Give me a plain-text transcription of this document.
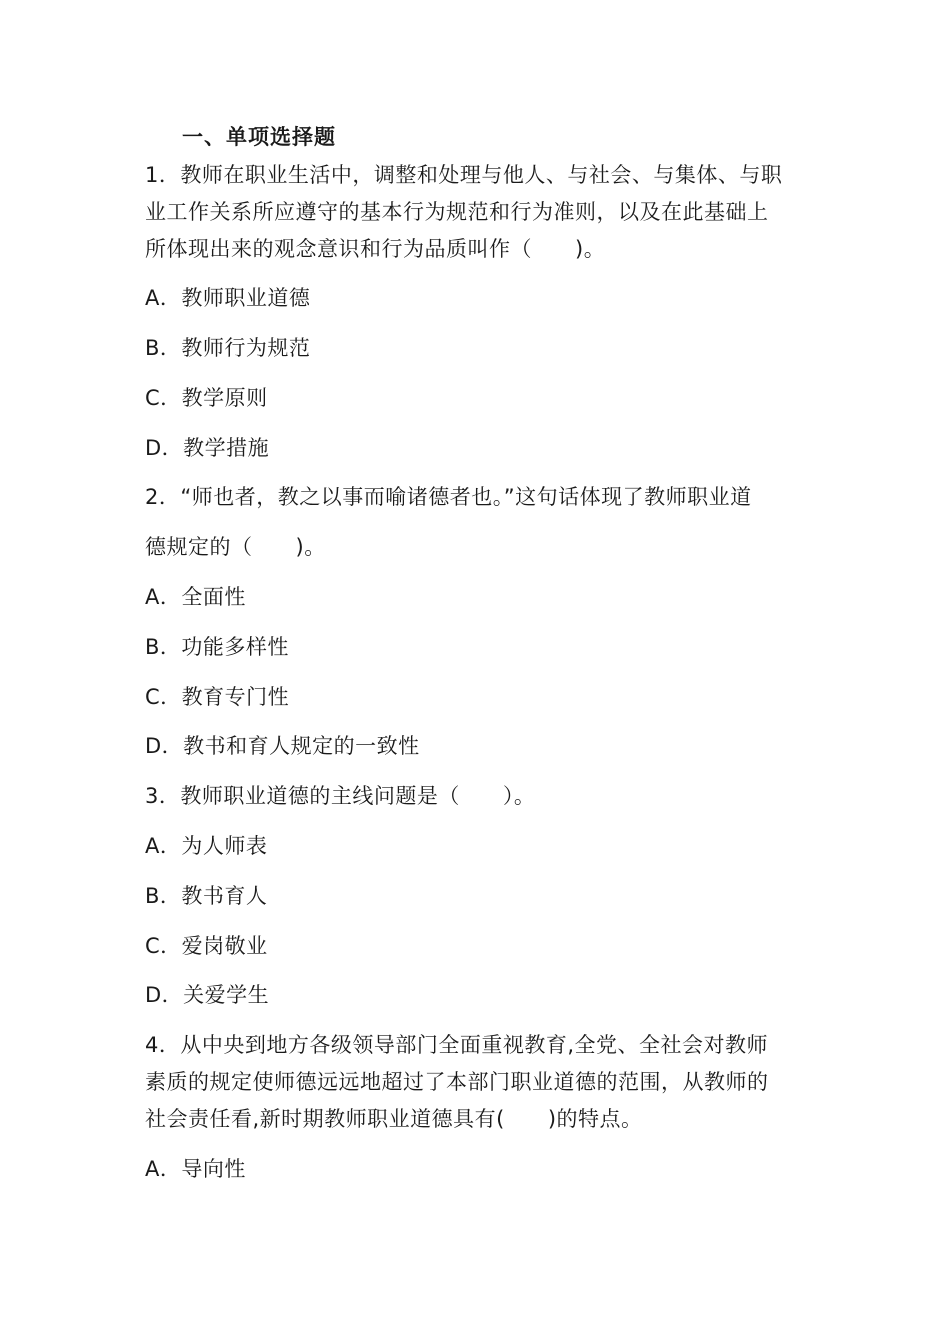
一、单项选择题
1．教师在职业生活中，调整和处理与他人、与社会、与集体、与职
业工作关系所应遵守的基本行为规范和行为准则，以及在此基础上
所体现出来的观念意识和行为品质叫作（　　)。
A．教师职业道德
B．教师行为规范
C．教学原则
D．教学措施
2．“师也者，教之以事而喻诸德者也。”这句话体现了教师职业道
德规定的（　　)。
A．全面性
B．功能多样性
C．教育专门性
D．教书和育人规定的一致性
3．教师职业道德的主线问题是（　　）。
A．为人师表
B．教书育人
C．爱岗敬业
D．关爱学生
4．从中央到地方各级领导部门全面重视教育,全党、全社会对教师
素质的规定使师德远远地超过了本部门职业道德的范围，从教师的
社会责任看,新时期教师职业道德具有(　　)的特点。
A．导向性
